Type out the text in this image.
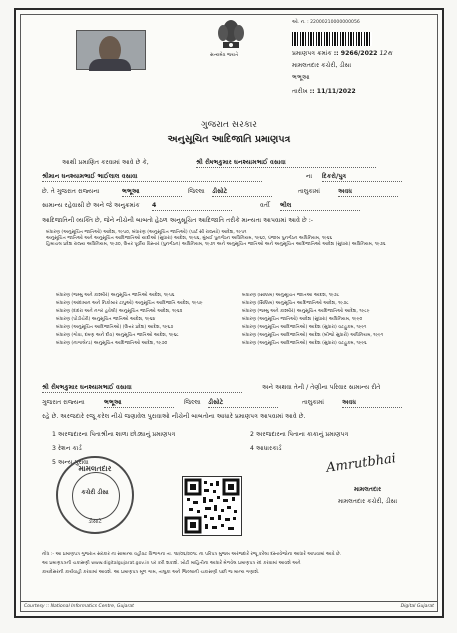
સત્યમેવ જયતે
ઓ. ન. : 22000210000000056
પ્રમાણપત્ર ક્રમાંક :: 9266/2022 12થ
મામલતદાર કચેરી, ડીસા
ભભૂઆ
તારીખ :: 11/11/2022
ગુજરાત સરકાર
અનુસૂચિત આદિજાતિ પ્રમાણપત્ર
આથી પ્રમાણિત કરવામાં આવે છે કે,	શ્રી રીષભકુમાર ઘનશ્યામભાઈ વસાવા
શ્રીમાન ઘનશ્યામભાઈ ભાઈલાલ વસાવા	ના દિકરો/પુત્ર
છે. તે ગુજરાત રાજ્યના	ભભૂઆ	જિલ્લા ડીસોટે	તાલુકામાં	અવધ
સામાન્ય રહેવાસી છે અને જે અનુક્રમાંક 4	વર્તી ભીલ
આદિજાતિની વ્યક્તિ છે, જેને નીચેની બાબતો હેઠળ અનુસૂચિત આદિજાતિ તરીકે માન્યતા આપવામાં આવે છે :-
બંધારણ (અનુસૂચિત જાતિઓ) આદેશ, ૧૯૫૦, બંધારણ (અનુસૂચિત જાતિઓ) (પાર્ટ સી રાજ્યો) આદેશ, ૧૯૫૧
અનુસૂચિત જાતિઓ અને અનુસૂચિત આદિજાતિઓ યાદીઓ (સુધારા) આદેશ, ૧૯૫૬, મુંબઈ પુનર્ગઠન અધિનિયમ, ૧૯૬૦, પંજાબ પુનર્ગઠન અધિનિયમ, ૧૯૬૬
હિમાચલ પ્રદેશ રાજ્ય અધિનિયમ, ૧૯૭૦, ઉત્તર પૂર્વીય વિસ્તાર (પુનર્ગઠન) અધિનિયમ, ૧૯૭૧ અને અનુસૂચિત જાતિઓ અને અનુસૂચિત આદિજાતિઓ આદેશ (સુધારા) અધિનિયમ, ૧૯૭૬
બંધારણ (જમ્મુ અને કાશ્મીર) અનુસૂચિત જાતિઓ આદેશ, ૧૯૫૬
બંધારણ (આંદામાન અને નિકોબાર ટાપુઓ) અનુસૂચિત આદિજાતિ આદેશ, ૧૯૫૯
બંધારણ (દાદરા અને નગર હવેલી) અનુસૂચિત જાતિઓ આદેશ, ૧૯૬૨
બંધારણ (પોંડીચેરી) અનુસૂચિત જાતિઓ આદેશ, ૧૯૬૪
બંધારણ (અનુસૂચિત આદિજાતિઓ) (ઉત્તર પ્રદેશ) આદેશ, ૧૯૬૭
બંધારણ (ગોવા, દમણ અને દીવ) અનુસૂચિત જાતિઓ આદેશ, ૧૯૬૮
બંધારણ (નાગાલેન્ડ) અનુસૂચિત આદિજાતિઓ આદેશ, ૧૯૭૦
બંધારણ (સિક્કિમ) અનુસૂચિત જાતિઓ આદેશ, ૧૯૭૮
બંધારણ (સિક્કિમ) અનુસૂચિત આદિજાતિઓ આદેશ, ૧૯૭૮
બંધારણ (જમ્મુ અને કાશ્મીર) અનુસૂચિત આદિજાતિઓ આદેશ, ૧૯૮૯
બંધારણ (અનુસૂચિત જાતિઓ) આદેશ (સુધારા) અધિનિયમ, ૧૯૯૦
બંધારણ (અનુસૂચિત આદિજાતિઓ) આદેશ (સુધારા) વટહુકમ, ૧૯૯૧
બંધારણ (અનુસૂચિત આદિજાતિઓ) આદેશ (બીજો સુધારો) અધિનિયમ, ૧૯૯૧
બંધારણ (અનુસૂચિત આદિજાતિઓ) આદેશ (સુધારા) વટહુકમ, ૧૯૯૬
શ્રી રીષભકુમાર ઘનશ્યામભાઈ વસાવા	અને અથવા તેની / તેણીના પરિવાર સામાન્ય રીતે
ગુજરાત રાજ્યના	ભભૂઆ	જિલ્લા ડીસોટે	તાલુકામાં	અવધ
રહે છે. અરજદારે રજૂ કરેલ નીચે જણાવેલ પુરાવાઓ નીચેની બાબતોના આધારે પ્રમાણપત્ર આપવામાં આવે છે.
1 અરજદારના પિતાશ્રીના શાળા છોડ્યાનું પ્રમાણપત્ર	2 અરજદારના પિતાના કાકાનું પ્રમાણપત્ર
3 રેશન કાર્ડ	4 આધારકાર્ડ
5 અન્ય પુરાવા
મામલતદાર
કચેરી ડીસા
ડીસાટે
Amrutbhai
મામલતદાર
મામલતદાર કચેરી, ડીસા
નોંધ :- આ પ્રમાણપત્ર ગુજરાત સરકાર ના સામાન્ય વહીવટ વિભાગના તા. ૧૪/૦૬/૨૦૧૮ ના પરિપત્ર મુજબ અરજદારે રજૂ કરેલા દસ્તાવેજોના આધારે આપવામાં આવે છે.
આ પ્રમાણપત્રની ચકાસણી www.digitalgujarat.gov.in પર કરી શકાશે. ખોટી માહિતીના આધારે મેળવેલ પ્રમાણપત્ર રદ કરવામાં આવશે અને
કાયદેસરની કાર્યવાહી કરવામાં આવશે. આ પ્રમાણપત્ર મૂળ ગામ, તાલુકા અને જિલ્લાની ચકાસણી પછી જ માન્ય ગણાશે.
Courtesy :: National Informatics Centre, Gujarat	Digital Gujarat
